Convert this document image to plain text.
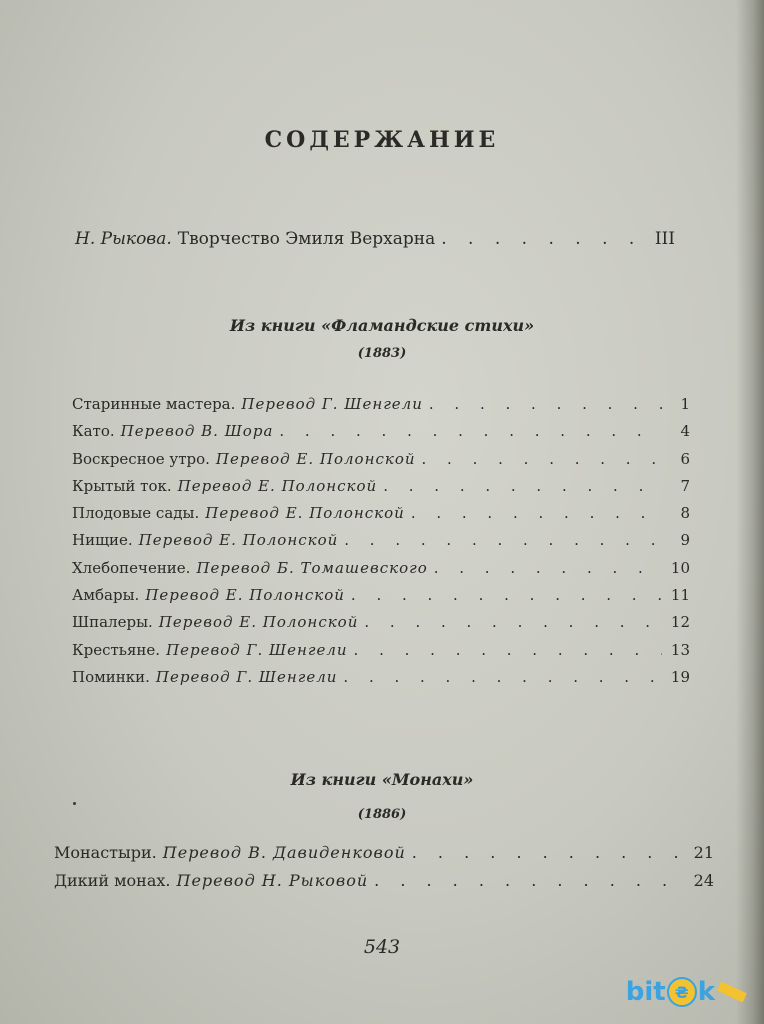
СОДЕРЖАНИЕ
Н. Рыкова. Творчество Эмиля Верхарна . . .	III
Из книги «Фламандские стихи»
(1883)
Старинные мастера. Перевод Г. Шенгели . . .	1
Като. Перевод В. Шора . . .	4
Воскресное утро. Перевод Е. Полонской . . .	6
Крытый ток. Перевод Е. Полонской . . .	7
Плодовые сады. Перевод Е. Полонской . . .	8
Нищие. Перевод Е. Полонской . . .	9
Хлебопечение. Перевод Б. Томашевского . . .	10
Амбары. Перевод Е. Полонской . . .	11
Шпалеры. Перевод Е. Полонской . . .	12
Крестьяне. Перевод Г. Шенгели . . .	13
Поминки. Перевод Г. Шенгели . . .	19
Из книги «Монахи»
(1886)
Монастыри. Перевод В. Давиденковой . . .	21
Дикий монах. Перевод Н. Рыковой . . .	24
543
bit ₴ k
